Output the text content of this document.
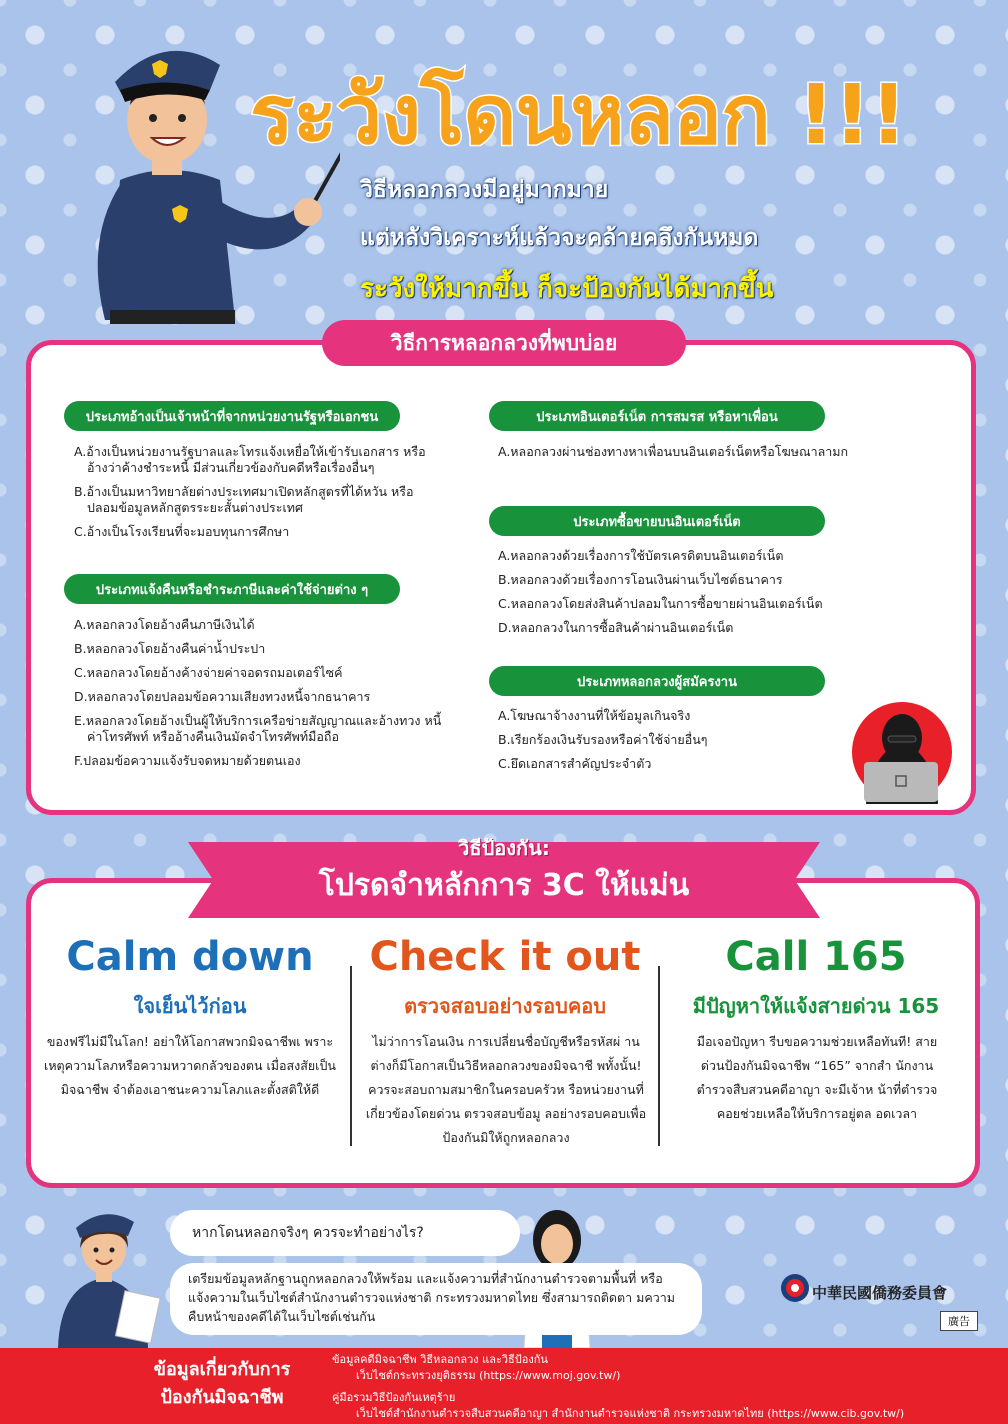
ระวังโดนหลอก !!!
วิธีหลอกลวงมีอยู่มากมาย
แต่หลังวิเคราะห์แล้วจะคล้ายคลึงกันหมด
ระวังให้มากขึ้น ก็จะป้องกันได้มากขึ้น
วิธีการหลอกลวงที่พบบ่อย
ประเภทอ้างเป็นเจ้าหน้าที่จากหน่วยงานรัฐหรือเอกชน
A.อ้างเป็นหน่วยงานรัฐบาลและโทรแจ้งเหยื่อให้เข้ารับเอกสาร หรืออ้างว่าค้างชำระหนี้ มีส่วนเกี่ยวข้องกับคดีหรือเรื่องอื่นๆ
B.อ้างเป็นมหาวิทยาลัยต่างประเทศมาเปิดหลักสูตรที่ได้หวัน หรือปลอมข้อมูลหลักสูตรระยะสั้นต่างประเทศ
C.อ้างเป็นโรงเรียนที่จะมอบทุนการศึกษา
ประเภทแจ้งคืนหรือชำระภาษีและค่าใช้จ่ายต่าง ๆ
A.หลอกลวงโดยอ้างคืนภาษีเงินได้
B.หลอกลวงโดยอ้างคืนค่าน้ำประปา
C.หลอกลวงโดยอ้างค้างจ่ายค่าจอดรถมอเตอร์ไซค์
D.หลอกลวงโดยปลอมข้อความเสียงทวงหนี้จากธนาคาร
E.หลอกลวงโดยอ้างเป็นผู้ให้บริการเครือข่ายสัญญาณและอ้างทวง หนี้ค่าโทรศัพท์ หรืออ้างคืนเงินมัดจำโทรศัพท์มือถือ
F.ปลอมข้อความแจ้งรับจดหมายด้วยตนเอง
ประเภทอินเตอร์เน็ต การสมรส หรือหาเพื่อน
A.หลอกลวงผ่านช่องทางหาเพื่อนบนอินเตอร์เน็ตหรือโฆษณาลามก
ประเภทซื้อขายบนอินเตอร์เน็ต
A.หลอกลวงด้วยเรื่องการใช้บัตรเครดิตบนอินเตอร์เน็ต
B.หลอกลวงด้วยเรื่องการโอนเงินผ่านเว็บไซต์ธนาคาร
C.หลอกลวงโดยส่งสินค้าปลอมในการซื้อขายผ่านอินเตอร์เน็ต
D.หลอกลวงในการซื้อสินค้าผ่านอินเตอร์เน็ต
ประเภทหลอกลวงผู้สมัครงาน
A.โฆษณาจ้างงานที่ให้ข้อมูลเกินจริง
B.เรียกร้องเงินรับรองหรือค่าใช้จ่ายอื่นๆ
C.ยึดเอกสารสำคัญประจำตัว
วิธีป้องกัน:
โปรดจำหลักการ 3C ให้แม่น
Calm down
ใจเย็นไว้ก่อน
ของฟรีไม่มีในโลก! อย่าให้โอกาสพวกมิจฉาชีพเ พราะเหตุความโลภหรือความหวาดกลัวของตน เมื่อสงสัยเป็นมิจฉาชีพ จำต้องเอาชนะความโลภและตั้งสติให้ดี
Check it out
ตรวจสอบอย่างรอบคอบ
ไม่ว่าการโอนเงิน การเปลี่ยนชื่อบัญชีหรือรหัสผ่ าน ต่างก็มีโอกาสเป็นวิธีหลอกลวงของมิจฉาชี พทั้งนั้น! ควรจะสอบถามสมาชิกในครอบครัวห รือหน่วยงานที่เกี่ยวข้องโดยด่วน ตรวจสอบข้อมู ลอย่างรอบคอบเพื่อป้องกันมิให้ถูกหลอกลวง
Call 165
มีปัญหาให้แจ้งสายด่วน 165
มือเจอปัญหา รีบขอความช่วยเหลือทันที! สายด่วนป้องกันมิจฉาชีพ “165” จากสำ นักงานตำรวจสืบสวนคดีอาญา จะมีเจ้าห น้าที่ตำรวจคอยช่วยเหลือให้บริการอยู่ตล อดเวลา
หากโดนหลอกจริงๆ ควรจะทำอย่างไร?
เตรียมข้อมูลหลักฐานถูกหลอกลวงให้พร้อม และแจ้งความที่สำนักงานตำรวจตามพื้นที่ หรือแจ้งความในเว็บไซต์สำนักงานตำรวจแห่งชาติ กระทรวงมหาดไทย ซึ่งสามารถติดตา มความคืบหน้าของคดีได้ในเว็บไซต์เช่นกัน
中華民國僑務委員會
廣告
ข้อมูลเกี่ยวกับการป้องกันมิจฉาชีพ
ข้อมูลคดีมิจฉาชีพ วิธีหลอกลวง และวิธีป้องกัน
เว็บไซต์กระทรวงยุติธรรม (https://www.moj.gov.tw/)
คู่มือรวมวิธีป้องกันเหตุร้าย
เว็บไซต์สำนักงานตำรวจสืบสวนคดีอาญา สำนักงานตำรวจแห่งชาติ กระทรวงมหาดไทย (https://www.cib.gov.tw/)
